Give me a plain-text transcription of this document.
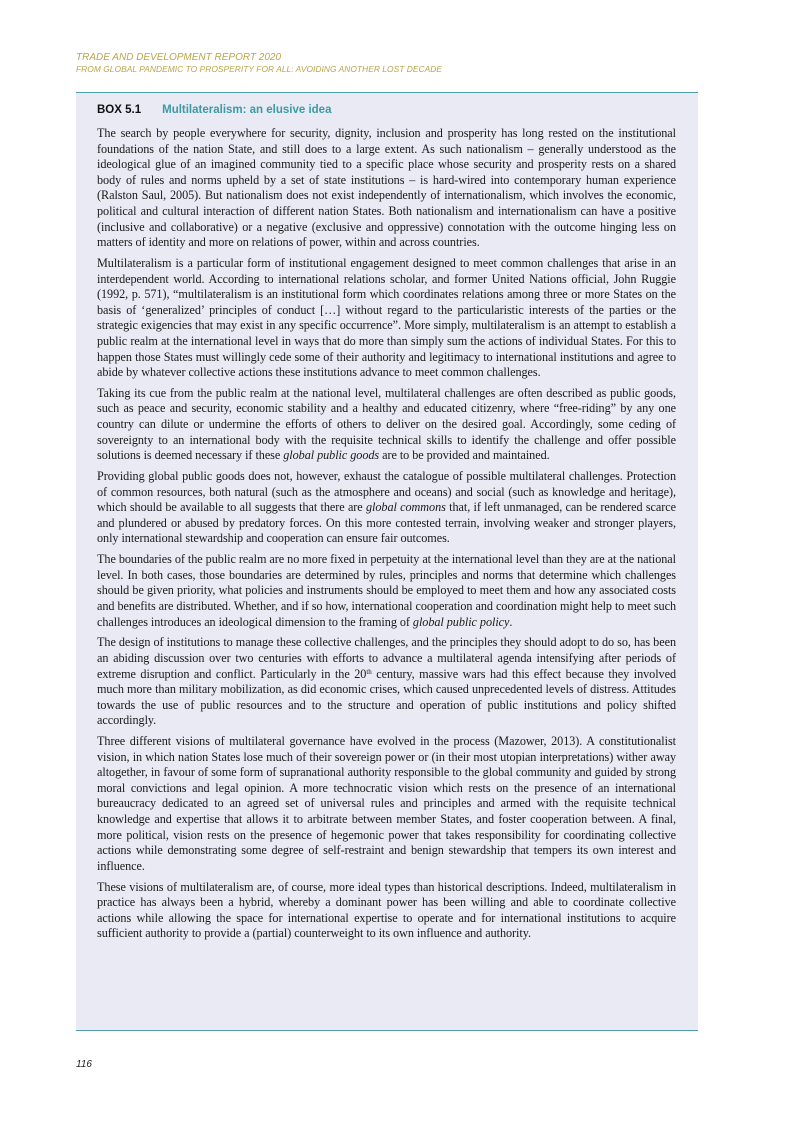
TRADE AND DEVELOPMENT REPORT 2020
FROM GLOBAL PANDEMIC TO PROSPERITY FOR ALL: AVOIDING ANOTHER LOST DECADE
BOX 5.1 Multilateralism: an elusive idea

The search by people everywhere for security, dignity, inclusion and prosperity has long rested on the institutional foundations of the nation State, and still does to a large extent. As such nationalism – generally understood as the ideological glue of an imagined community tied to a specific place whose security and prosperity rests on a shared body of rules and norms upheld by a set of state institutions – is hard-wired into contemporary human experience (Ralston Saul, 2005). But nationalism does not exist independently of internationalism, which involves the economic, political and cultural interaction of different nation States. Both nationalism and internationalism can have a positive (inclusive and collaborative) or a negative (exclusive and oppressive) connotation with the outcome hinging less on matters of identity and more on relations of power, within and across countries.

Multilateralism is a particular form of institutional engagement designed to meet common challenges that arise in an interdependent world. According to international relations scholar, and former United Nations official, John Ruggie (1992, p. 571), “multilateralism is an institutional form which coordinates relations among three or more States on the basis of ‘generalized’ principles of conduct […] without regard to the particularistic interests of the parties or the strategic exigencies that may exist in any specific occurrence”. More simply, multilateralism is an attempt to establish a public realm at the international level in ways that do more than simply sum the actions of individual States. For this to happen those States must willingly cede some of their authority and legitimacy to international institutions and agree to abide by whatever collective actions these institutions advance to meet common challenges.

Taking its cue from the public realm at the national level, multilateral challenges are often described as public goods, such as peace and security, economic stability and a healthy and educated citizenry, where “free-riding” by any one country can dilute or undermine the efforts of others to deliver on the desired goal. Accordingly, some ceding of sovereignty to an international body with the requisite technical skills to identify the challenge and offer possible solutions is deemed necessary if these global public goods are to be provided and maintained.

Providing global public goods does not, however, exhaust the catalogue of possible multilateral challenges. Protection of common resources, both natural (such as the atmosphere and oceans) and social (such as knowledge and heritage), which should be available to all suggests that there are global commons that, if left unmanaged, can be rendered scarce and plundered or abused by predatory forces. On this more contested terrain, involving weaker and stronger players, only international stewardship and cooperation can ensure fair outcomes.

The boundaries of the public realm are no more fixed in perpetuity at the international level than they are at the national level. In both cases, those boundaries are determined by rules, principles and norms that determine which challenges should be given priority, what policies and instruments should be employed to meet them and how any associated costs and benefits are distributed. Whether, and if so how, international cooperation and coordination might help to meet such challenges introduces an ideological dimension to the framing of global public policy.

The design of institutions to manage these collective challenges, and the principles they should adopt to do so, has been an abiding discussion over two centuries with efforts to advance a multilateral agenda intensifying after periods of extreme disruption and conflict. Particularly in the 20th century, massive wars had this effect because they involved much more than military mobilization, as did economic crises, which caused unprecedented levels of distress. Attitudes towards the use of public resources and to the structure and operation of public institutions and policy shifted accordingly.

Three different visions of multilateral governance have evolved in the process (Mazower, 2013). A constitutionalist vision, in which nation States lose much of their sovereign power or (in their most utopian interpretations) wither away altogether, in favour of some form of supranational authority responsible to the global community and guided by strong moral convictions and legal opinion. A more technocratic vision which rests on the presence of an international bureaucracy dedicated to an agreed set of universal rules and principles and armed with the requisite technical knowledge and expertise that allows it to arbitrate between member States, and foster cooperation between. A final, more political, vision rests on the presence of hegemonic power that takes responsibility for coordinating collective actions while demonstrating some degree of self-restraint and benign stewardship that tempers its own interest and influence.

These visions of multilateralism are, of course, more ideal types than historical descriptions. Indeed, multilateralism in practice has always been a hybrid, whereby a dominant power has been willing and able to coordinate collective actions while allowing the space for international expertise to operate and for international institutions to acquire sufficient authority to provide a (partial) counterweight to its own influence and authority.

116
